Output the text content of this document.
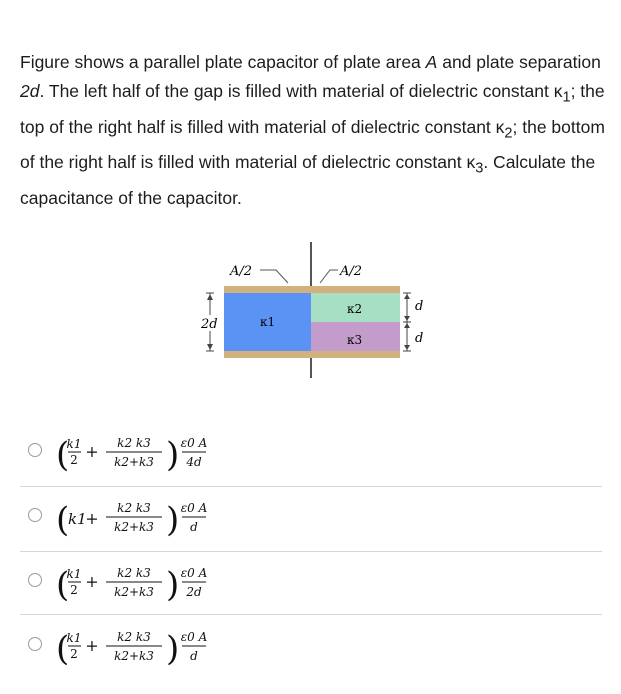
Figure shows a parallel plate capacitor of plate area A and plate separation 2d. The left half of the gap is filled with material of dielectric constant $\kappa_1$; the top of the right half is filled with material of dielectric constant $\kappa_2$; the bottom of the right half is filled with material of dielectric constant $\kappa_3$. Calculate the capacitance of the capacitor.

A/2	A/2
κ1
κ2
κ3
2d
d
d
(
k1
2 + k2 k3
k2+k3 ) ε0 A
4d
(
k1
+
k2 k3
k2+k3 ) ε0 A
d
(
k1
2 + k2 k3
k2+k3 ) ε0 A
2d
(
k1
2 + k2 k3
k2+k3 ) ε0 A
d
